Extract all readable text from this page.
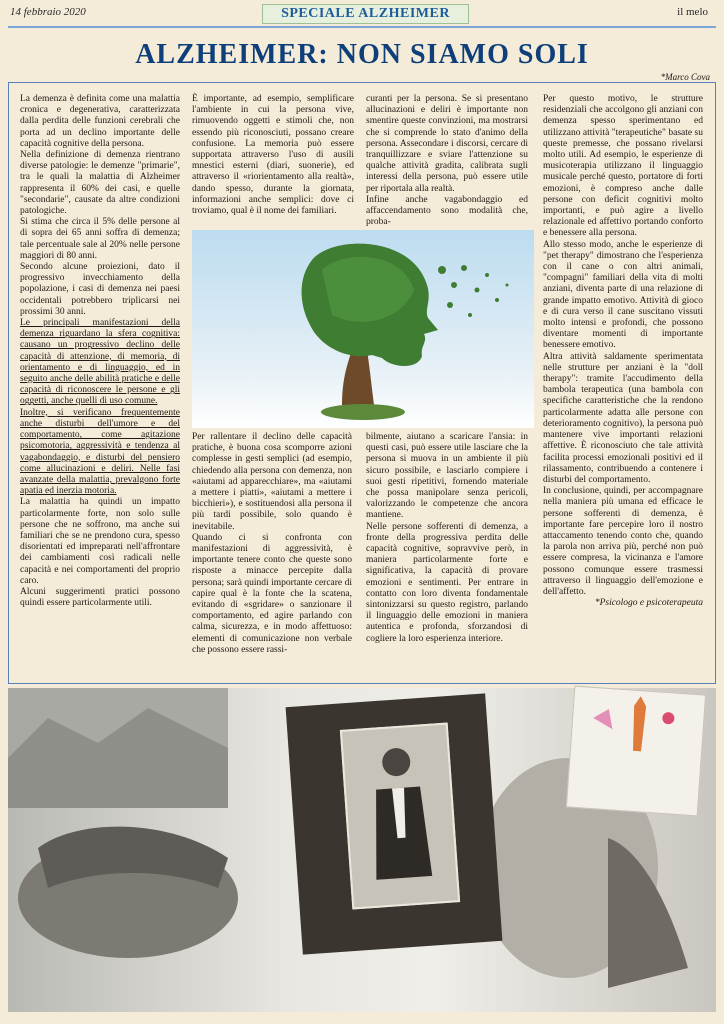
14 febbraio 2020	SPECIALE ALZHEIMER	il melo
ALZHEIMER: NON SIAMO SOLI
*Marco Cova

La demenza è definita come una malattia cronica e degenerativa, caratterizzata dalla perdita delle funzioni cerebrali che porta ad un declino importante delle capacità cognitive della persona.

Nella definizione di demenza rientrano diverse patologie: le demenze "primarie", tra le quali la malattia di Alzheimer rappresenta il 60% dei casi, e quelle "secondarie", causate da altre condizioni patologiche.

Si stima che circa il 5% delle persone al di sopra dei 65 anni soffra di demenza; tale percentuale sale al 20% nelle persone maggiori di 80 anni.

Secondo alcune proiezioni, dato il progressivo invecchiamento della popolazione, i casi di demenza nei paesi occidentali potrebbero triplicarsi nei prossimi 30 anni.

Le principali manifestazioni della demenza riguardano la sfera cognitiva: causano un progressivo declino delle capacità di attenzione, di memoria, di orientamento e di linguaggio, ed in seguito anche delle abilità pratiche e delle capacità di riconoscere le persone e gli oggetti, anche quelli di uso comune.

Inoltre, si verificano frequentemente anche disturbi dell'umore e del comportamento, come agitazione psicomotoria, aggressività e tendenza al vagabondaggio, e disturbi del pensiero come allucinazioni e deliri. Nelle fasi avanzate della malattia, prevalgono forte apatia ed inerzia motoria.

La malattia ha quindi un impatto particolarmente forte, non solo sulle persone che ne soffrono, ma anche sui familiari che se ne prendono cura, spesso disorientati ed impreparati nell'affrontare dei cambiamenti così radicali nelle capacità e nei comportamenti del proprio caro.

Alcuni suggerimenti pratici possono quindi essere particolarmente utili.

È importante, ad esempio, semplificare l'ambiente in cui la persona vive, rimuovendo oggetti e stimoli che, non essendo più riconosciuti, possano creare confusione. La memoria può essere supportata attraverso l'uso di ausili mnestici esterni (diari, suonerie), ed attraverso il «riorientamento alla realtà», dando spesso, durante la giornata, informazioni anche semplici: dove ci troviamo, qual è il nome dei familiari.

curanti per la persona. Se si presentano allucinazioni e deliri è importante non smentire queste convinzioni, ma mostrarsi che si comprende lo stato d'animo della persona. Assecondare i discorsi, cercare di tranquillizzare e sviare l'attenzione su qualche attività gradita, calibrata sugli interessi della persona, può essere utile per riportala alla realtà.

Infine anche vagabondaggio ed affaccendamento sono modalità che, proba-

Per rallentare il declino delle capacità pratiche, è buona cosa scomporre azioni complesse in gesti semplici (ad esempio, chiedendo alla persona con demenza, non «aiutami ad apparecchiare», ma «aiutami a mettere i piatti», «aiutami a mettere i bicchieri»), e sostituendosi alla persona il più tardi possibile, solo quando è inevitabile.

Quando ci si confronta con manifestazioni di aggressività, è importante tenere conto che queste sono risposte a minacce percepite dalla persona; sarà quindi importante cercare di capire qual è la fonte che la scatena, evitando di «sgridare» o sanzionare il comportamento, ed agire parlando con calma, sicurezza, e in modo affettuoso: elementi di comunicazione non verbale che possono essere rassi-

bilmente, aiutano a scaricare l'ansia: in questi casi, può essere utile lasciare che la persona si muova in un ambiente il più sicuro possibile, e lasciarlo compiere i suoi gesti ripetitivi, fornendo materiale che possa manipolare senza pericoli, valorizzando le competenze che ancora mantiene.

Nelle persone sofferenti di demenza, a fronte della progressiva perdita delle capacità cognitive, sopravvive però, in maniera particolarmente forte e significativa, la capacità di provare emozioni e sentimenti. Per entrare in contatto con loro diventa fondamentale sintonizzarsi su questo registro, parlando il linguaggio delle emozioni in maniera autentica e profonda, sforzandosi di cogliere la loro esperienza interiore.

Per questo motivo, le strutture residenziali che accolgono gli anziani con demenza spesso sperimentano ed utilizzano attività "terapeutiche" basate su queste premesse, che possano rivelarsi molto utili. Ad esempio, le esperienze di musicoterapia utilizzano il linguaggio musicale perché questo, portatore di forti emozioni, è compreso anche dalle persone con deficit cognitivi molto importanti, e può agire a livello relazionale ed affettivo portando conforto e benessere alla persona.

Allo stesso modo, anche le esperienze di "pet therapy" dimostrano che l'esperienza con il cane o con altri animali, "compagni" familiari della vita di molti anziani, diventa parte di una relazione di grande impatto emotivo. Attività di gioco e di cura verso il cane suscitano vissuti molto intensi e profondi, che possono diventare momenti di importante benessere emotivo.

Altra attività saldamente sperimentata nelle strutture per anziani è la "doll therapy": tramite l'accudimento della bambola terapeutica (una bambola con specifiche caratteristiche che la rendono particolarmente adatta alle persone con deterioramento cognitivo), la persona può mantenere vive importanti relazioni affettive. È riconosciuto che tale attività facilita processi emozionali positivi ed il rilassamento, contribuendo a contenere i disturbi del comportamento.

In conclusione, quindi, per accompagnare nella maniera più umana ed efficace le persone sofferenti di demenza, è importante fare percepire loro il nostro attaccamento tenendo conto che, quando la parola non arriva più, perché non può essere compresa, la vicinanza e l'amore possono comunque essere trasmessi attraverso il linguaggio dell'emozione e dell'affetto.

*Psicologo e psicoterapeuta
